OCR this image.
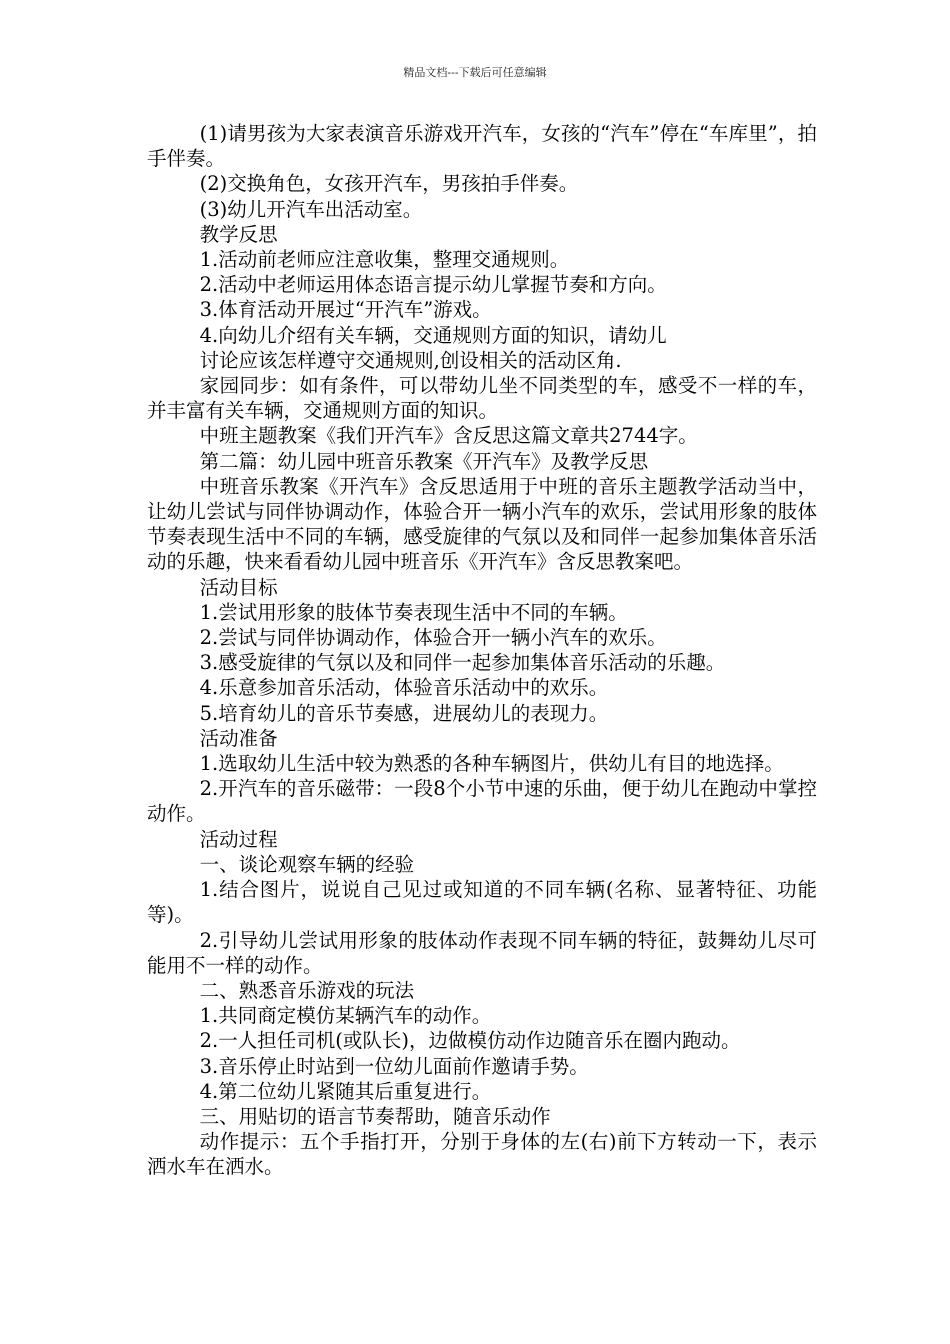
精品文档---下载后可任意编辑

(1)请男孩为大家表演音乐游戏开汽车，女孩的“汽车”停在“车库里”，拍手伴奏。

(2)交换角色，女孩开汽车，男孩拍手伴奏。

(3)幼儿开汽车出活动室。

教学反思

1.活动前老师应注意收集，整理交通规则。

2.活动中老师运用体态语言提示幼儿掌握节奏和方向。

3.体育活动开展过“开汽车”游戏。

4.向幼儿介绍有关车辆，交通规则方面的知识，请幼儿

讨论应该怎样遵守交通规则,创设相关的活动区角.

家园同步：如有条件，可以带幼儿坐不同类型的车，感受不一样的车，并丰富有关车辆，交通规则方面的知识。

中班主题教案《我们开汽车》含反思这篇文章共2744字。

第二篇：幼儿园中班音乐教案《开汽车》及教学反思

中班音乐教案《开汽车》含反思适用于中班的音乐主题教学活动当中，让幼儿尝试与同伴协调动作，体验合开一辆小汽车的欢乐，尝试用形象的肢体节奏表现生活中不同的车辆，感受旋律的气氛以及和同伴一起参加集体音乐活动的乐趣，快来看看幼儿园中班音乐《开汽车》含反思教案吧。

活动目标

1.尝试用形象的肢体节奏表现生活中不同的车辆。

2.尝试与同伴协调动作，体验合开一辆小汽车的欢乐。

3.感受旋律的气氛以及和同伴一起参加集体音乐活动的乐趣。

4.乐意参加音乐活动，体验音乐活动中的欢乐。

5.培育幼儿的音乐节奏感，进展幼儿的表现力。

活动准备

1.选取幼儿生活中较为熟悉的各种车辆图片，供幼儿有目的地选择。

2.开汽车的音乐磁带：一段8个小节中速的乐曲，便于幼儿在跑动中掌控动作。

活动过程

一、谈论观察车辆的经验

1.结合图片，说说自己见过或知道的不同车辆(名称、显著特征、功能等)。

2.引导幼儿尝试用形象的肢体动作表现不同车辆的特征，鼓舞幼儿尽可能用不一样的动作。

二、熟悉音乐游戏的玩法

1.共同商定模仿某辆汽车的动作。

2.一人担任司机(或队长)，边做模仿动作边随音乐在圈内跑动。

3.音乐停止时站到一位幼儿面前作邀请手势。

4.第二位幼儿紧随其后重复进行。

三、用贴切的语言节奏帮助，随音乐动作

动作提示：五个手指打开，分别于身体的左(右)前下方转动一下，表示洒水车在洒水。
